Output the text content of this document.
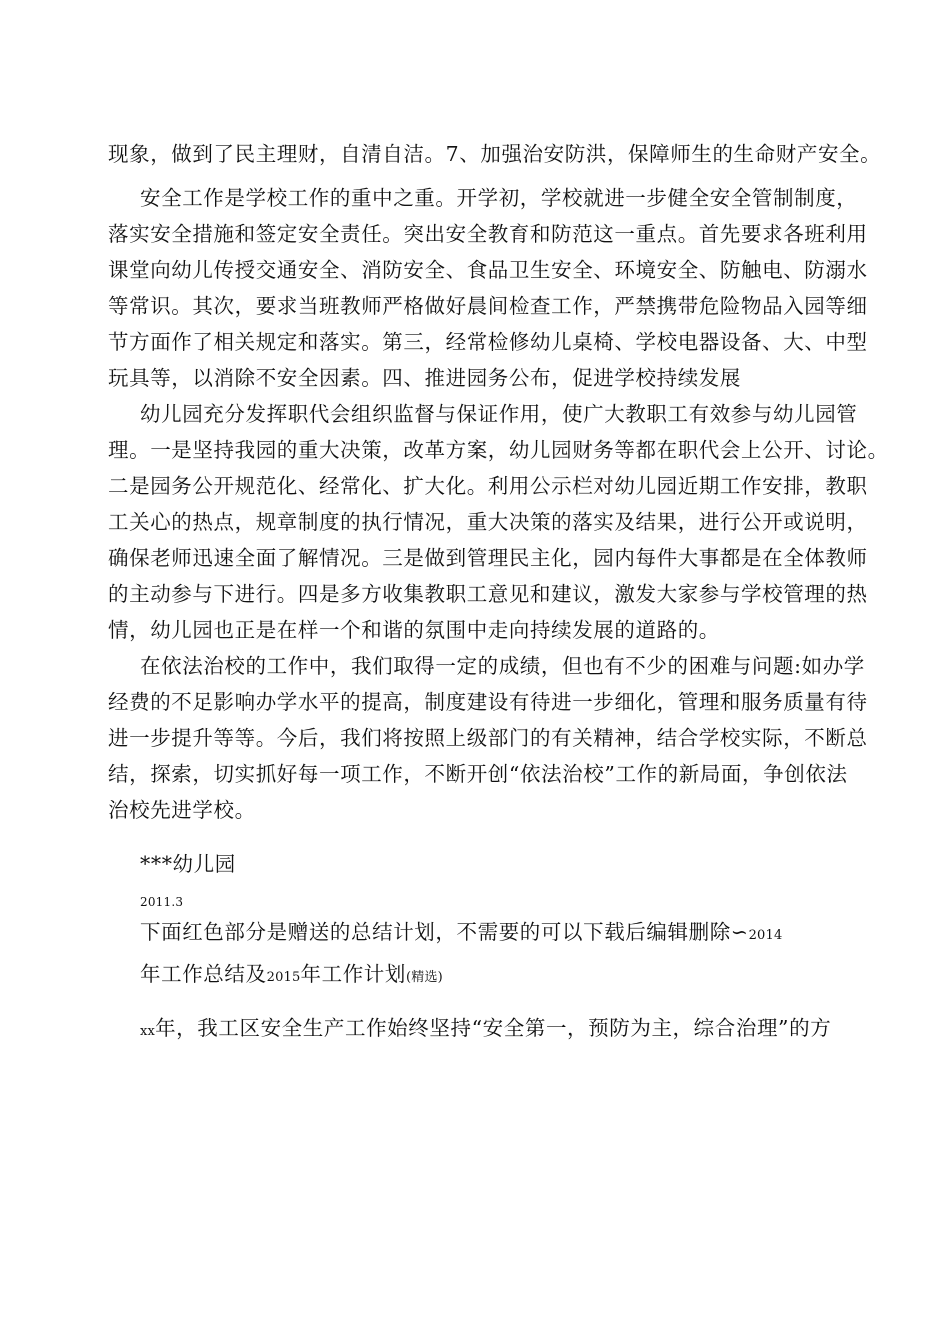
现象，做到了民主理财，自清自洁。7、加强治安防洪，保障师生的生命财产安全。
安全工作是学校工作的重中之重。开学初，学校就进一步健全安全管制制度，
落实安全措施和签定安全责任。突出安全教育和防范这一重点。首先要求各班利用
课堂向幼儿传授交通安全、消防安全、食品卫生安全、环境安全、防触电、防溺水
等常识。其次，要求当班教师严格做好晨间检查工作，严禁携带危险物品入园等细
节方面作了相关规定和落实。第三，经常检修幼儿桌椅、学校电器设备、大、中型
玩具等，以消除不安全因素。四、推进园务公布，促进学校持续发展
幼儿园充分发挥职代会组织监督与保证作用，使广大教职工有效参与幼儿园管
理。一是坚持我园的重大决策，改革方案，幼儿园财务等都在职代会上公开、讨论。
二是园务公开规范化、经常化、扩大化。利用公示栏对幼儿园近期工作安排，教职
工关心的热点，规章制度的执行情况，重大决策的落实及结果，进行公开或说明，
确保老师迅速全面了解情况。三是做到管理民主化，园内每件大事都是在全体教师
的主动参与下进行。四是多方收集教职工意见和建议，激发大家参与学校管理的热
情，幼儿园也正是在样一个和谐的氛围中走向持续发展的道路的。
在依法治校的工作中，我们取得一定的成绩，但也有不少的困难与问题:如办学
经费的不足影响办学水平的提高，制度建设有待进一步细化，管理和服务质量有待
进一步提升等等。今后，我们将按照上级部门的有关精神，结合学校实际，不断总
结，探索，切实抓好每一项工作，不断开创“依法治校”工作的新局面，争创依法
治校先进学校。
***幼儿园
2011.3
下面红色部分是赠送的总结计划，不需要的可以下载后编辑删除∽2014
年工作总结及2015年工作计划(精选)
xx年，我工区安全生产工作始终坚持“安全第一，预防为主，综合治理”的方
